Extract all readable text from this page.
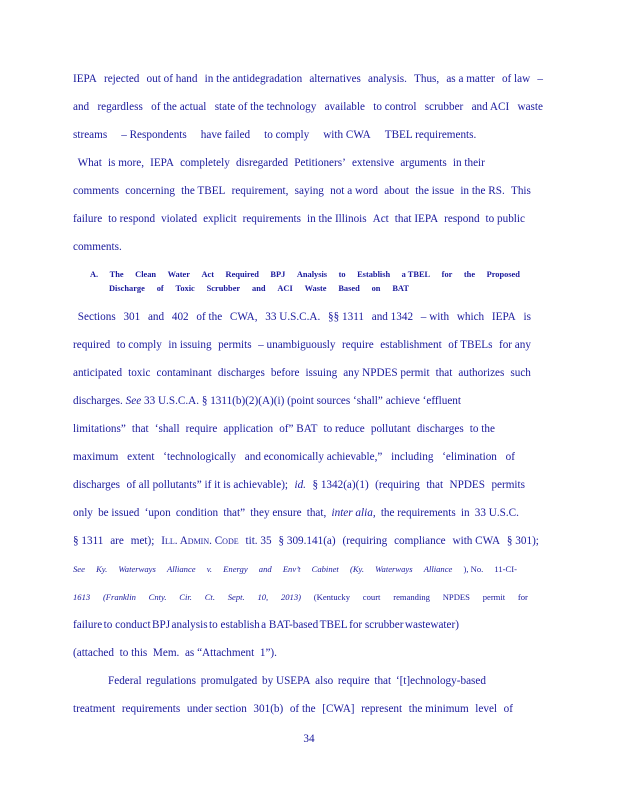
IEPA rejected out of hand in the antidegradation alternatives analysis. Thus, as a matter of law –
and regardless of the actual state of the technology available to control scrubber and ACI waste
streams – Respondents have failed to comply with CWA TBEL requirements.
What is more, IEPA completely disregarded Petitioners’ extensive arguments in their
comments concerning the TBEL requirement, saying not a word about the issue in the RS. This
failure to respond violated explicit requirements in the Illinois Act that IEPA respond to public
comments.
A. The Clean Water Act Required BPJ Analysis to Establish a TBEL for the Proposed
Discharge of Toxic Scrubber and ACI Waste Based on BAT
Sections 301 and 402 of the CWA, 33 U.S.C.A. §§ 1311 and 1342 – with which IEPA is
required to comply in issuing permits – unambiguously require establishment of TBELs for any
anticipated toxic contaminant discharges before issuing any NPDES permit that authorizes such
discharges. See 33 U.S.C.A. § 1311(b)(2)(A)(i) (point sources ‘shall” achieve ‘effluent
limitations” that ‘shall require application of” BAT to reduce pollutant discharges to the
maximum extent ‘technologically and economically achievable,” including ‘elimination of
discharges of all pollutants” if it is achievable); id. § 1342(a)(1) (requiring that NPDES permits
only be issued ‘upon condition that” they ensure that, inter alia, the requirements in 33 U.S.C.
§ 1311 are met); Ill. Admin. Code tit. 35 § 309.141(a) (requiring compliance with CWA § 301);
See Ky. Waterways Alliance v. Energy and Env’t Cabinet (Ky. Waterways Alliance ), No. 11-CI-
1613 (Franklin Cnty. Cir. Ct. Sept. 10, 2013) (Kentucky court remanding NPDES permit for
failure to conduct BPJ analysis to establish a BAT-based TBEL for scrubber wastewater)
(attached to this Mem. as “Attachment 1”).
Federal regulations promulgated by USEPA also require that ‘[t]echnology-based
treatment requirements under section 301(b) of the [CWA] represent the minimum level of
34
